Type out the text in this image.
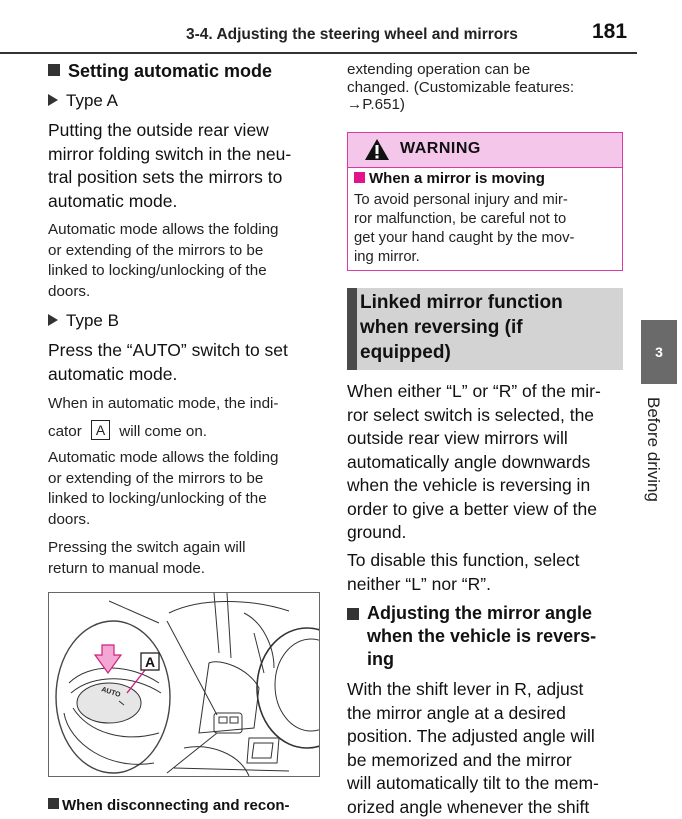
3-4. Adjusting the steering wheel and mirrors	181
Setting automatic mode
Type A
Putting the outside rear view
mirror folding switch in the neu-
tral position sets the mirrors to
automatic mode.
Automatic mode allows the folding
or extending of the mirrors to be
linked to locking/unlocking of the
doors.
Type B
Press the “AUTO” switch to set
automatic mode.
When in automatic mode, the indi-
cator A will come on.
Automatic mode allows the folding
or extending of the mirrors to be
linked to locking/unlocking of the
doors.
Pressing the switch again will
return to manual mode.
AUTO
A
When disconnecting and recon-
extending operation can be
changed. (Customizable features:
→P.651)
WARNING
When a mirror is moving
To avoid personal injury and mir-
ror malfunction, be careful not to
get your hand caught by the mov-
ing mirror.
Linked mirror function
when reversing (if
equipped)
When either “L” or “R” of the mir-
ror select switch is selected, the
outside rear view mirrors will
automatically angle downwards
when the vehicle is reversing in
order to give a better view of the
ground.
To disable this function, select
neither “L” nor “R”.
Adjusting the mirror angle
when the vehicle is revers-
ing
With the shift lever in R, adjust
the mirror angle at a desired
position. The adjusted angle will
be memorized and the mirror
will automatically tilt to the mem-
orized angle whenever the shift
3
Before driving
